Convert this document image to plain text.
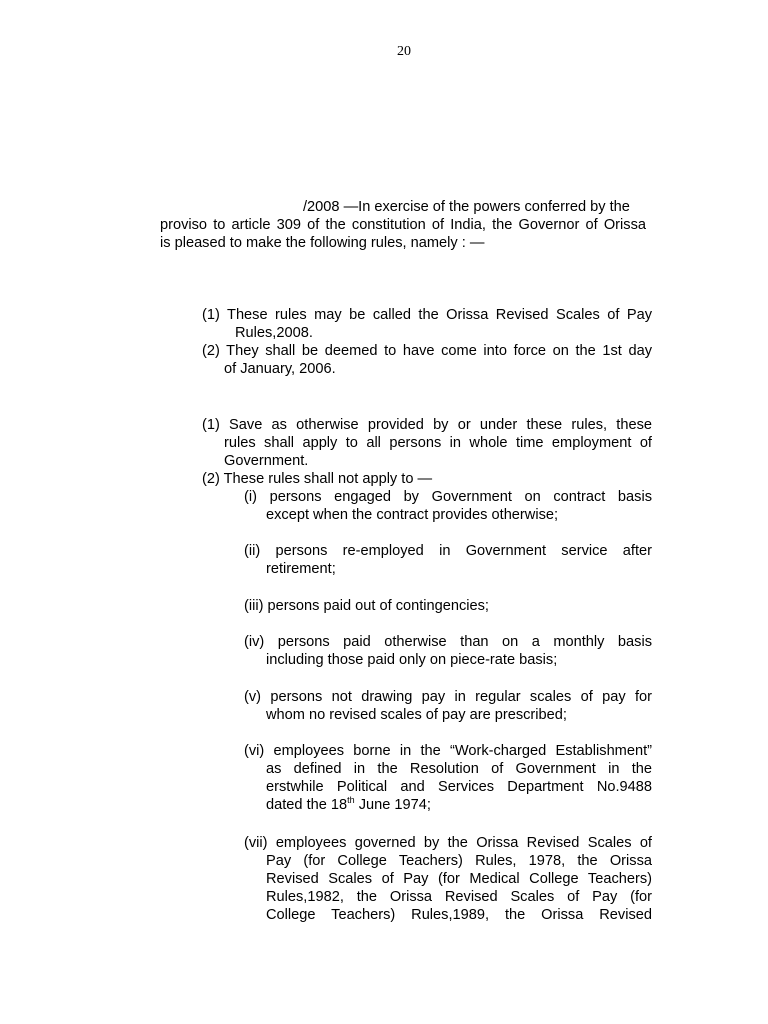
20
/2008 —In exercise of the powers conferred by the
proviso to article 309 of the constitution of India, the Governor of Orissa
is pleased to make the following rules, namely : —
(1) These rules may be called the Orissa Revised Scales of Pay
Rules,2008.
(2) They shall be deemed to have come into force on the 1st day
of January, 2006.
(1) Save as otherwise provided by or under these rules, these
rules shall apply to all persons in whole time employment of
Government.
(2) These rules shall not apply to —
(i) persons engaged by Government on contract basis
except when the contract provides otherwise;
(ii) persons re-employed in Government service after
retirement;
(iii) persons paid out of contingencies;
(iv) persons paid otherwise than on a monthly basis
including those paid only on piece-rate basis;
(v) persons not drawing pay in regular scales of pay for
whom no revised scales of pay are prescribed;
(vi) employees borne in the “Work-charged Establishment”
as defined in the Resolution of Government in the
erstwhile Political and Services Department No.9488
dated the 18th June 1974;
(vii) employees governed by the Orissa Revised Scales of
Pay (for College Teachers) Rules, 1978, the Orissa
Revised Scales of Pay (for Medical College Teachers)
Rules,1982, the Orissa Revised Scales of Pay (for
College Teachers) Rules,1989, the Orissa Revised
